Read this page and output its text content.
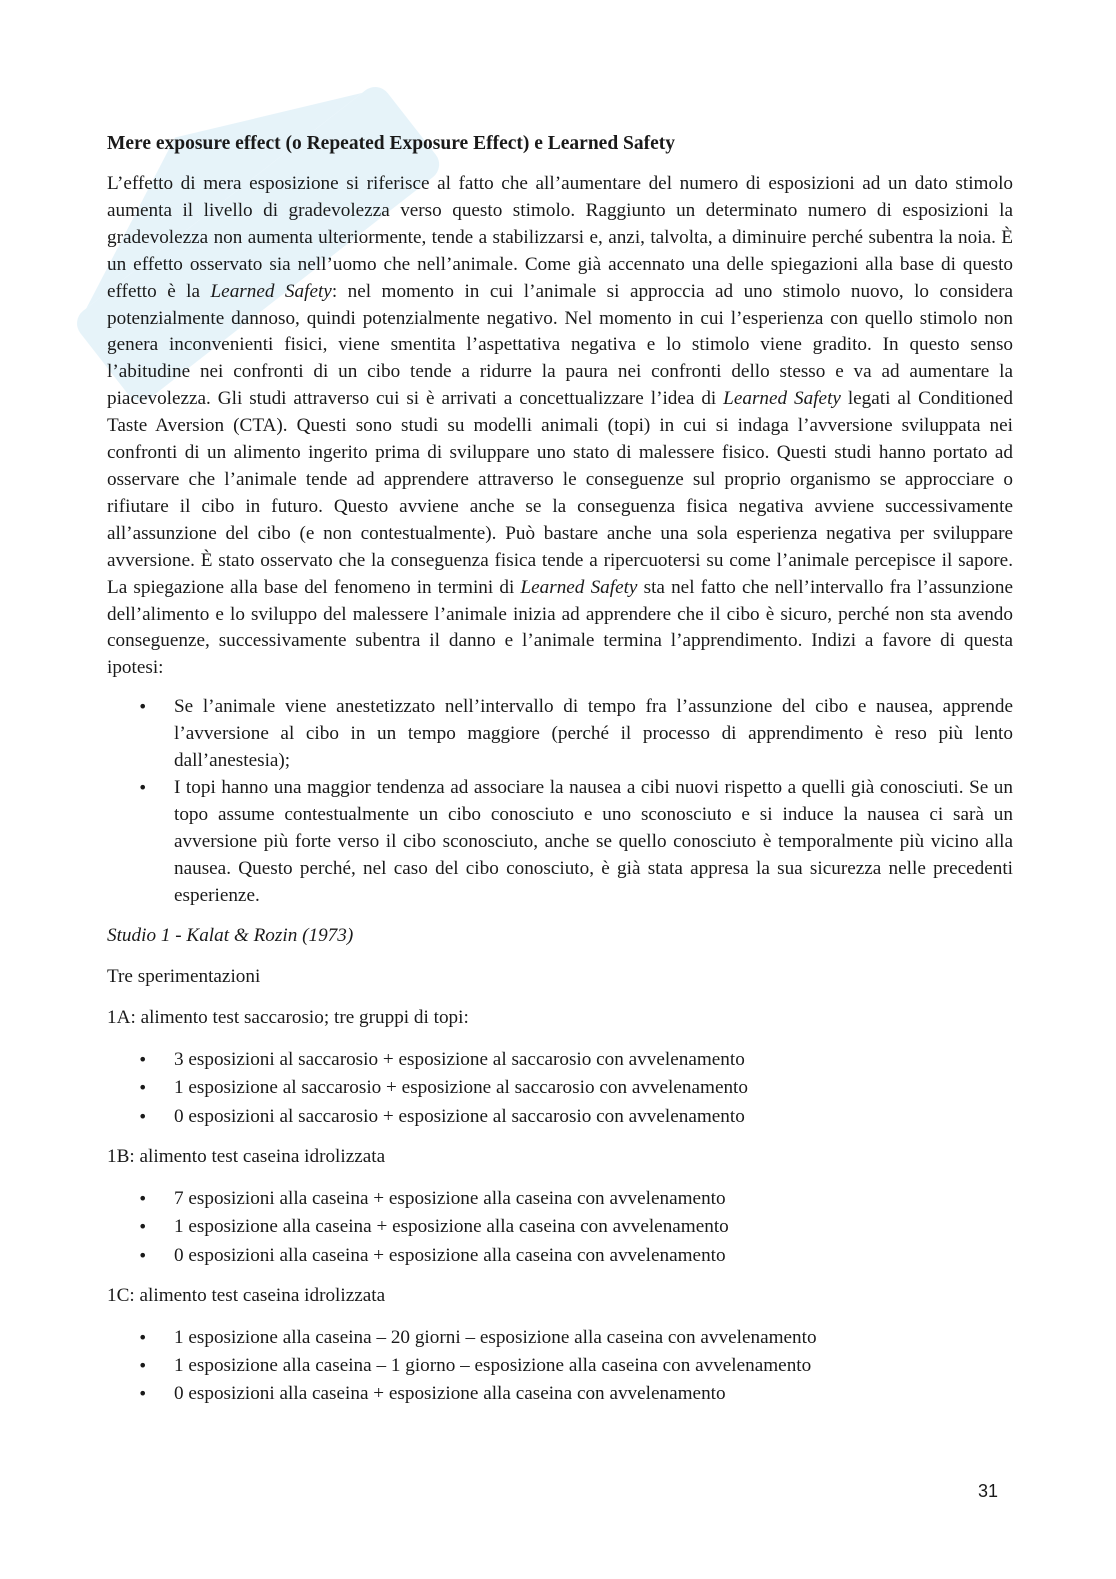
Mere exposure effect (o Repeated Exposure Effect) e Learned Safety

L’effetto di mera esposizione si riferisce al fatto che all’aumentare del numero di esposizioni ad un dato stimolo aumenta il livello di gradevolezza verso questo stimolo. Raggiunto un determinato numero di esposizioni la gradevolezza non aumenta ulteriormente, tende a stabilizzarsi e, anzi, talvolta, a diminuire perché subentra la noia. È un effetto osservato sia nell’uomo che nell’animale. Come già accennato una delle spiegazioni alla base di questo effetto è la Learned Safety: nel momento in cui l’animale si approccia ad uno stimolo nuovo, lo considera potenzialmente dannoso, quindi potenzialmente negativo. Nel momento in cui l’esperienza con quello stimolo non genera inconvenienti fisici, viene smentita l’aspettativa negativa e lo stimolo viene gradito. In questo senso l’abitudine nei confronti di un cibo tende a ridurre la paura nei confronti dello stesso e va ad aumentare la piacevolezza. Gli studi attraverso cui si è arrivati a concettualizzare l’idea di Learned Safety legati al Conditioned Taste Aversion (CTA). Questi sono studi su modelli animali (topi) in cui si indaga l’avversione sviluppata nei confronti di un alimento ingerito prima di sviluppare uno stato di malessere fisico. Questi studi hanno portato ad osservare che l’animale tende ad apprendere attraverso le conseguenze sul proprio organismo se approcciare o rifiutare il cibo in futuro. Questo avviene anche se la conseguenza fisica negativa avviene successivamente all’assunzione del cibo (e non contestualmente). Può bastare anche una sola esperienza negativa per sviluppare avversione. È stato osservato che la conseguenza fisica tende a ripercuotersi su come l’animale percepisce il sapore. La spiegazione alla base del fenomeno in termini di Learned Safety sta nel fatto che nell’intervallo fra l’assunzione dell’alimento e lo sviluppo del malessere l’animale inizia ad apprendere che il cibo è sicuro, perché non sta avendo conseguenze, successivamente subentra il danno e l’animale termina l’apprendimento. Indizi a favore di questa ipotesi:

• Se l’animale viene anestetizzato nell’intervallo di tempo fra l’assunzione del cibo e nausea, apprende l’avversione al cibo in un tempo maggiore (perché il processo di apprendimento è reso più lento dall’anestesia);
• I topi hanno una maggior tendenza ad associare la nausea a cibi nuovi rispetto a quelli già conosciuti. Se un topo assume contestualmente un cibo conosciuto e uno sconosciuto e si induce la nausea ci sarà un avversione più forte verso il cibo sconosciuto, anche se quello conosciuto è temporalmente più vicino alla nausea. Questo perché, nel caso del cibo conosciuto, è già stata appresa la sua sicurezza nelle precedenti esperienze.

Studio 1 - Kalat & Rozin (1973)

Tre sperimentazioni

1A: alimento test saccarosio; tre gruppi di topi:

• 3 esposizioni al saccarosio + esposizione al saccarosio con avvelenamento
• 1 esposizione al saccarosio + esposizione al saccarosio con avvelenamento
• 0 esposizioni al saccarosio + esposizione al saccarosio con avvelenamento

1B: alimento test caseina idrolizzata

• 7 esposizioni alla caseina + esposizione alla caseina con avvelenamento
• 1 esposizione alla caseina + esposizione alla caseina con avvelenamento
• 0 esposizioni alla caseina + esposizione alla caseina con avvelenamento

1C: alimento test caseina idrolizzata

• 1 esposizione alla caseina – 20 giorni – esposizione alla caseina con avvelenamento
• 1 esposizione alla caseina – 1 giorno – esposizione alla caseina con avvelenamento
• 0 esposizioni alla caseina + esposizione alla caseina con avvelenamento
31
